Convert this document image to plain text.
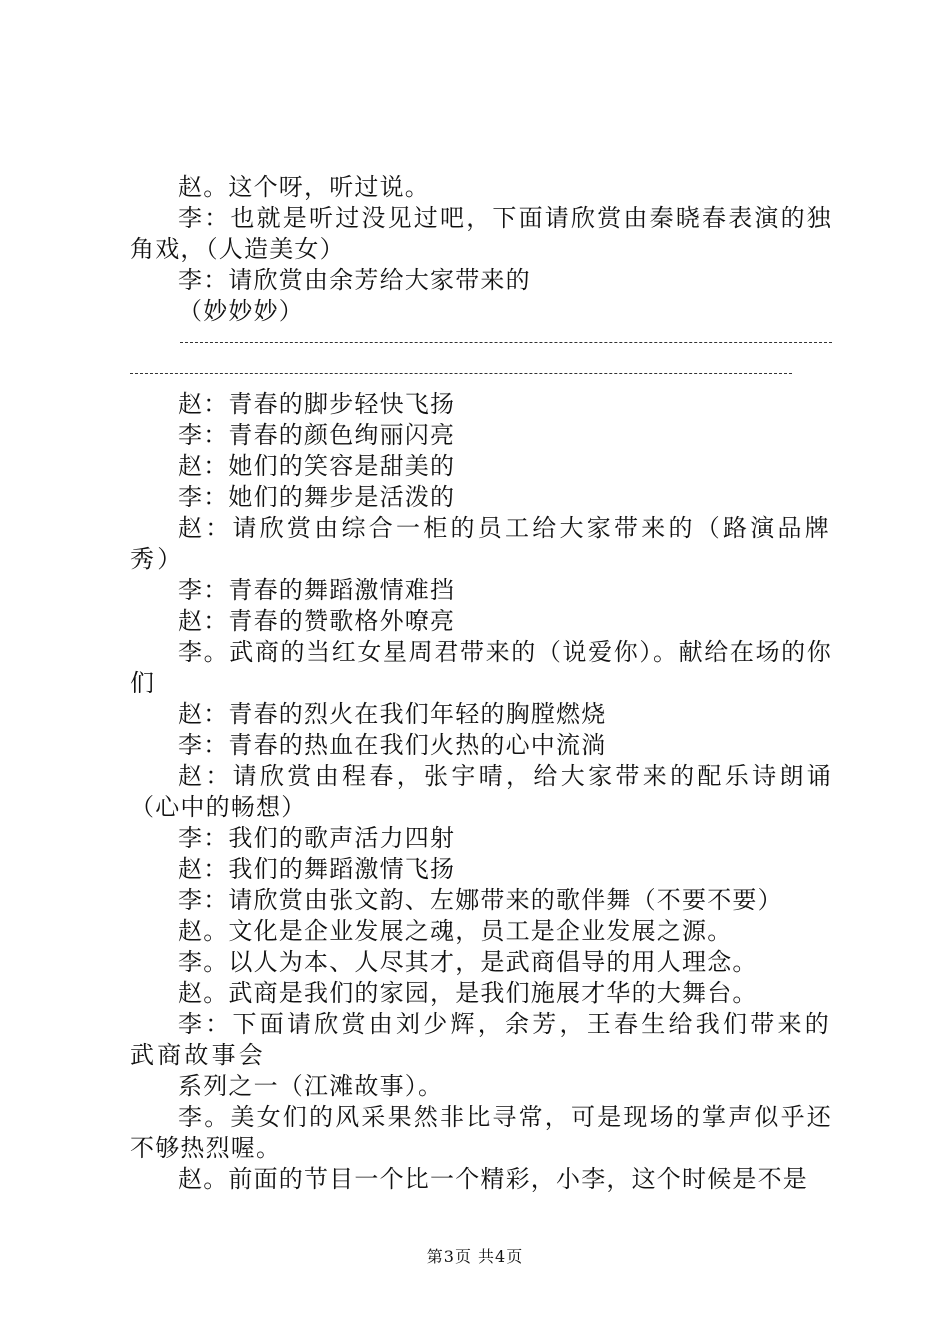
赵。这个呀，听过说。

李：也就是听过没见过吧，下面请欣赏由秦晓春表演的独角戏，（人造美女）

李：请欣赏由余芳给大家带来的

（妙妙妙）

赵：青春的脚步轻快飞扬

李：青春的颜色绚丽闪亮

赵：她们的笑容是甜美的

李：她们的舞步是活泼的

赵：请欣赏由综合一柜的员工给大家带来的（路演品牌秀）

李：青春的舞蹈激情难挡

赵：青春的赞歌格外嘹亮

李。武商的当红女星周君带来的（说爱你）。献给在场的你们

赵：青春的烈火在我们年轻的胸膛燃烧

李：青春的热血在我们火热的心中流淌

赵：请欣赏由程春，张宇晴，给大家带来的配乐诗朗诵（心中的畅想）

李：我们的歌声活力四射

赵：我们的舞蹈激情飞扬

李：请欣赏由张文韵、左娜带来的歌伴舞（不要不要）

赵。文化是企业发展之魂，员工是企业发展之源。

李。以人为本、人尽其才，是武商倡导的用人理念。

赵。武商是我们的家园，是我们施展才华的大舞台。

李：下面请欣赏由刘少辉，余芳，王春生给我们带来的武商故事会

系列之一（江滩故事）。

李。美女们的风采果然非比寻常，可是现场的掌声似乎还不够热烈喔。

赵。前面的节目一个比一个精彩，小李，这个时候是不是

第3页 共4页
